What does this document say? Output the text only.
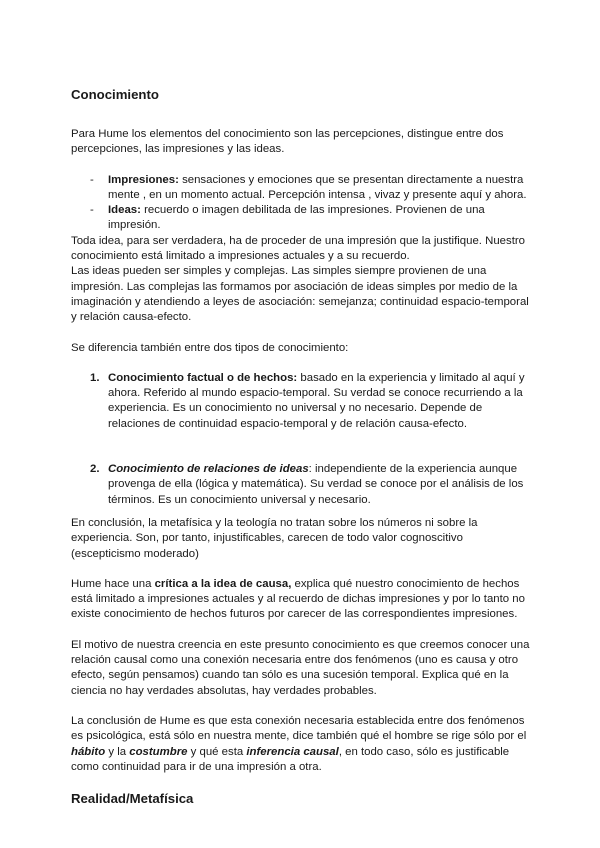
Conocimiento

Para Hume los elementos del conocimiento son las percepciones, distingue entre dos percepciones, las impresiones y las ideas.

- Impresiones: sensaciones y emociones que se presentan directamente a nuestra mente , en un momento actual. Percepción intensa , vivaz y presente aquí y ahora.
- Ideas: recuerdo o imagen debilitada de las impresiones. Provienen de una impresión.

Toda idea, para ser verdadera, ha de proceder de una impresión que la justifique. Nuestro conocimiento está limitado a impresiones actuales y a su recuerdo.

Las ideas pueden ser simples y complejas. Las simples siempre provienen de una impresión. Las complejas las formamos por asociación de ideas simples por medio de la imaginación y atendiendo a leyes de asociación: semejanza; continuidad espacio-temporal y relación causa-efecto.

Se diferencia también entre dos tipos de conocimiento:

1. Conocimiento factual o de hechos: basado en la experiencia y limitado al aquí y ahora. Referido al mundo espacio-temporal. Su verdad se conoce recurriendo a la experiencia. Es un conocimiento no universal y no necesario. Depende de relaciones de continuidad espacio-temporal y de relación causa-efecto.
2. Conocimiento de relaciones de ideas: independiente de la experiencia aunque provenga de ella (lógica y matemática). Su verdad se conoce por el análisis de los términos. Es un conocimiento universal y necesario.

En conclusión, la metafísica y la teología no tratan sobre los números ni sobre la experiencia. Son, por tanto, injustificables, carecen de todo valor cognoscitivo (escepticismo moderado)

Hume hace una crítica a la idea de causa, explica qué nuestro conocimiento de hechos está limitado a impresiones actuales y al recuerdo de dichas impresiones y por lo tanto no existe conocimiento de hechos futuros por carecer de las correspondientes impresiones.

El motivo de nuestra creencia en este presunto conocimiento es que creemos conocer una relación causal como una conexión necesaria entre dos fenómenos (uno es causa y otro efecto, según pensamos) cuando tan sólo es una sucesión temporal. Explica qué en la ciencia no hay verdades absolutas, hay verdades probables.

La conclusión de Hume es que esta conexión necesaria establecida entre dos fenómenos es psicológica, está sólo en nuestra mente, dice también qué el hombre se rige sólo por el hábito y la costumbre y qué esta inferencia causal, en todo caso, sólo es justificable como continuidad para ir de una impresión a otra.

Realidad/Metafísica
